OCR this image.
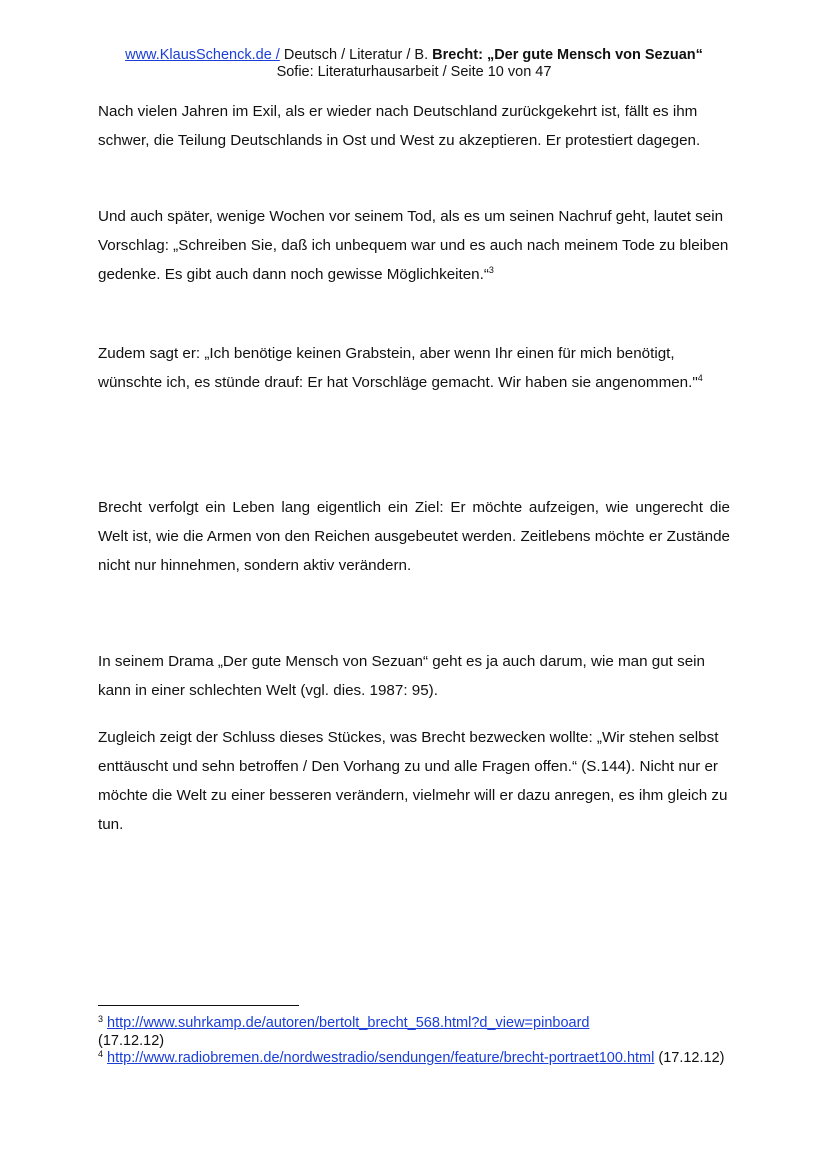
www.KlausSchenck.de / Deutsch / Literatur / B. Brecht: „Der gute Mensch von Sezuan“
Sofie: Literaturhausarbeit / Seite 10 von 47

Nach vielen Jahren im Exil, als er wieder nach Deutschland zurückgekehrt ist, fällt es ihm schwer, die Teilung Deutschlands in Ost und West zu akzeptieren. Er protestiert dagegen.

Und auch später, wenige Wochen vor seinem Tod, als es um seinen Nachruf geht, lautet sein Vorschlag: „Schreiben Sie, daß ich unbequem war und es auch nach meinem Tode zu bleiben gedenke. Es gibt auch dann noch gewisse Möglichkeiten.“$^3$

Zudem sagt er: „Ich benötige keinen Grabstein, aber wenn Ihr einen für mich benötigt, wünschte ich, es stünde drauf: Er hat Vorschläge gemacht. Wir haben sie angenommen."$^4$

Brecht verfolgt ein Leben lang eigentlich ein Ziel: Er möchte aufzeigen, wie ungerecht die Welt ist, wie die Armen von den Reichen ausgebeutet werden. Zeitlebens möchte er Zustände nicht nur hinnehmen, sondern aktiv verändern.

In seinem Drama „Der gute Mensch von Sezuan“ geht es ja auch darum, wie man gut sein kann in einer schlechten Welt (vgl. dies. 1987: 95).

Zugleich zeigt der Schluss dieses Stückes, was Brecht bezwecken wollte: „Wir stehen selbst enttäuscht und sehn betroffen / Den Vorhang zu und alle Fragen offen.“ (S.144). Nicht nur er möchte die Welt zu einer besseren verändern, vielmehr will er dazu anregen, es ihm gleich zu tun.

$^3$ http://www.suhrkamp.de/autoren/bertolt_brecht_568.html?d_view=pinboard
(17.12.12)
$^4$ http://www.radiobremen.de/nordwestradio/sendungen/feature/brecht-portraet100.html (17.12.12)
